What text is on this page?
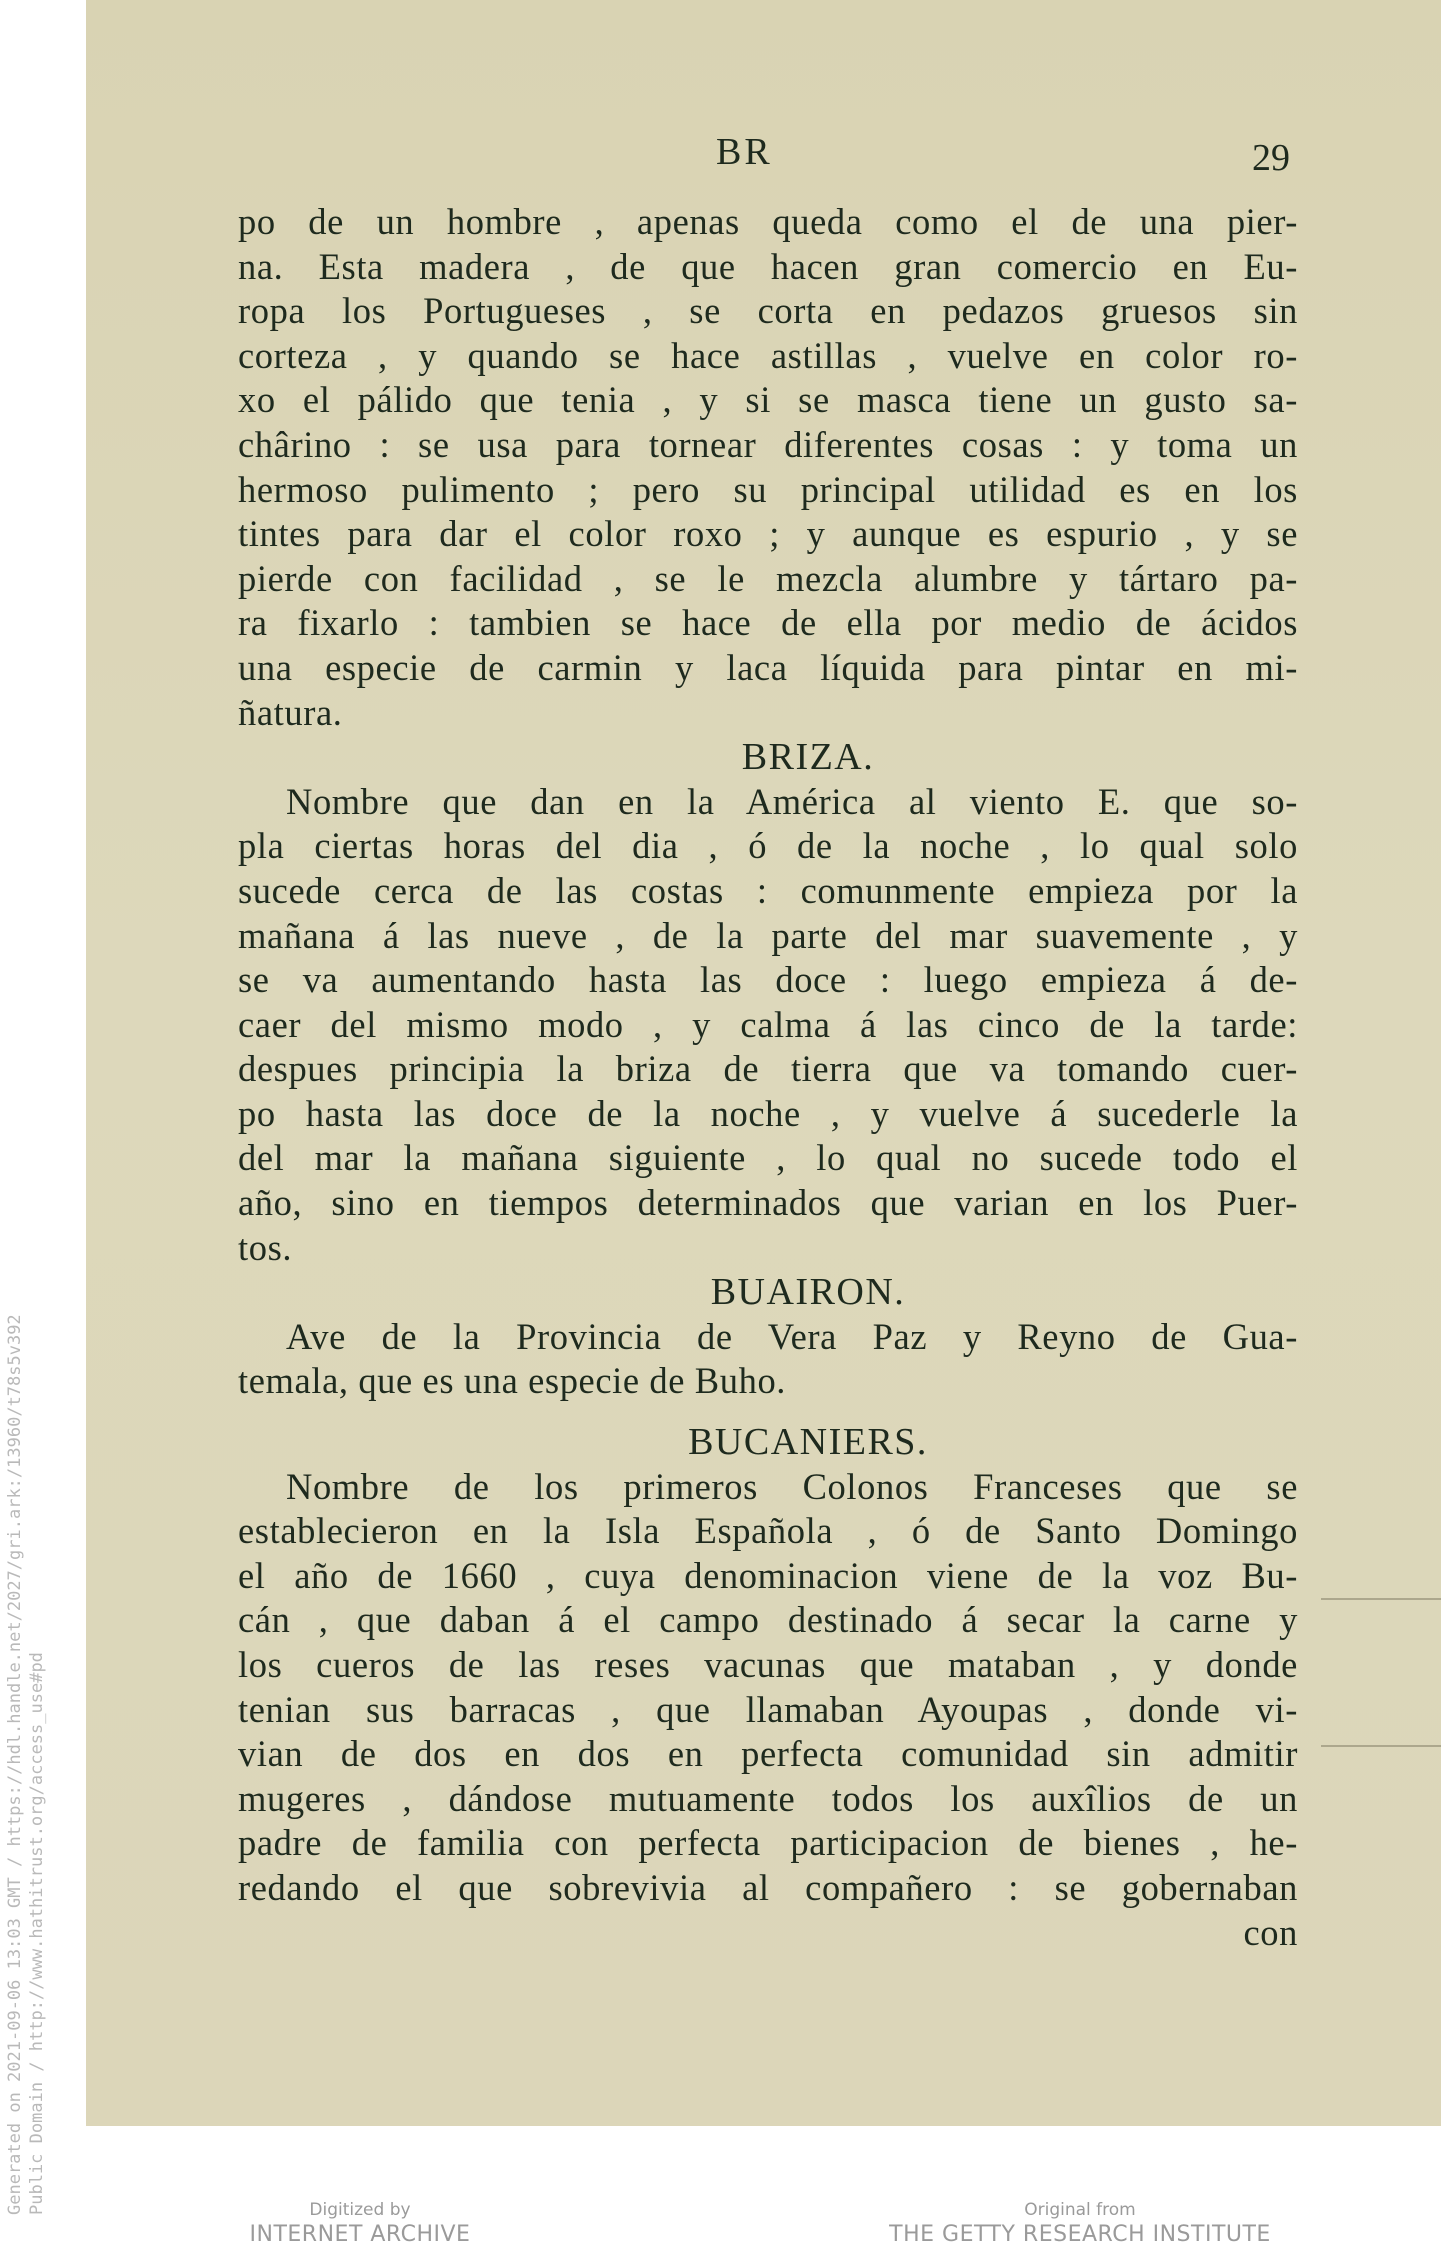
Generated on 2021-09-06 13:03 GMT / https://hdl.handle.net/2027/gri.ark:/13960/t78s5v392 Public Domain / http://www.hathitrust.org/access_use#pd
BR	29
po de un hombre , apenas queda como el de una pier-
na. Esta madera , de que hacen gran comercio en Eu-
ropa los Portugueses , se corta en pedazos gruesos sin
corteza , y quando se hace astillas , vuelve en color ro-
xo el pálido que tenia , y si se masca tiene un gusto sa-
chârino : se usa para tornear diferentes cosas : y toma un
hermoso pulimento ; pero su principal utilidad es en los
tintes para dar el color roxo ; y aunque es espurio , y se
pierde con facilidad , se le mezcla alumbre y tártaro pa-
ra fixarlo : tambien se hace de ella por medio de ácidos
una especie de carmin y laca líquida para pintar en mi-
ñatura.
BRIZA.
Nombre que dan en la América al viento E. que so-
pla ciertas horas del dia , ó de la noche , lo qual solo
sucede cerca de las costas : comunmente empieza por la
mañana á las nueve , de la parte del mar suavemente , y
se va aumentando hasta las doce : luego empieza á de-
caer del mismo modo , y calma á las cinco de la tarde:
despues principia la briza de tierra que va tomando cuer-
po hasta las doce de la noche , y vuelve á sucederle la
del mar la mañana siguiente , lo qual no sucede todo el
año, sino en tiempos determinados que varian en los Puer-
tos.
BUAIRON.
Ave de la Provincia de Vera Paz y Reyno de Gua-
temala, que es una especie de Buho.
BUCANIERS.
Nombre de los primeros Colonos Franceses que se
establecieron en la Isla Española , ó de Santo Domingo
el año de 1660 , cuya denominacion viene de la voz Bu-
cán , que daban á el campo destinado á secar la carne y
los cueros de las reses vacunas que mataban , y donde
tenian sus barracas , que llamaban Ayoupas , donde vi-
vian de dos en dos en perfecta comunidad sin admitir
mugeres , dándose mutuamente todos los auxîlios de un
padre de familia con perfecta participacion de bienes , he-
redando el que sobrevivia al compañero : se gobernaban
con
Digitized by
INTERNET ARCHIVE
Original from
THE GETTY RESEARCH INSTITUTE
